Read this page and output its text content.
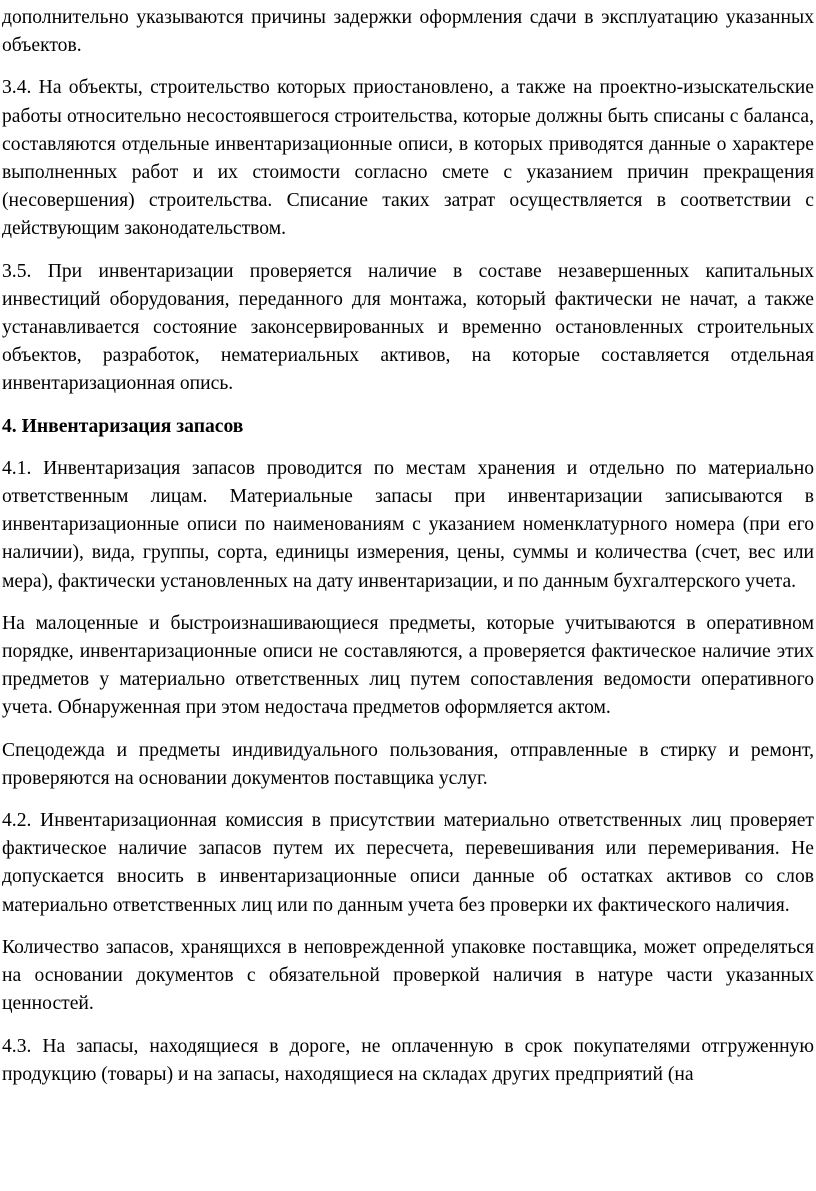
дополнительно указываются причины задержки оформления сдачи в эксплуатацию указанных объектов.

3.4. На объекты, строительство которых приостановлено, а также на проектно-изыскательские работы относительно несостоявшегося строительства, которые должны быть списаны с баланса, составляются отдельные инвентаризационные описи, в которых приводятся данные о характере выполненных работ и их стоимости согласно смете с указанием причин прекращения (несовершения) строительства. Списание таких затрат осуществляется в соответствии с действующим законодательством.

3.5. При инвентаризации проверяется наличие в составе незавершенных капитальных инвестиций оборудования, переданного для монтажа, который фактически не начат, а также устанавливается состояние законсервированных и временно остановленных строительных объектов, разработок, нематериальных активов, на которые составляется отдельная инвентаризационная опись.

4. Инвентаризация запасов

4.1. Инвентаризация запасов проводится по местам хранения и отдельно по материально ответственным лицам. Материальные запасы при инвентаризации записываются в инвентаризационные описи по наименованиям с указанием номенклатурного номера (при его наличии), вида, группы, сорта, единицы измерения, цены, суммы и количества (счет, вес или мера), фактически установленных на дату инвентаризации, и по данным бухгалтерского учета.

На малоценные и быстроизнашивающиеся предметы, которые учитываются в оперативном порядке, инвентаризационные описи не составляются, а проверяется фактическое наличие этих предметов у материально ответственных лиц путем сопоставления ведомости оперативного учета. Обнаруженная при этом недостача предметов оформляется актом.

Спецодежда и предметы индивидуального пользования, отправленные в стирку и ремонт, проверяются на основании документов поставщика услуг.

4.2. Инвентаризационная комиссия в присутствии материально ответственных лиц проверяет фактическое наличие запасов путем их пересчета, перевешивания или перемеривания. Не допускается вносить в инвентаризационные описи данные об остатках активов со слов материально ответственных лиц или по данным учета без проверки их фактического наличия.

Количество запасов, хранящихся в неповрежденной упаковке поставщика, может определяться на основании документов с обязательной проверкой наличия в натуре части указанных ценностей.

4.3. На запасы, находящиеся в дороге, не оплаченную в срок покупателями отгруженную продукцию (товары) и на запасы, находящиеся на складах других предприятий (на
